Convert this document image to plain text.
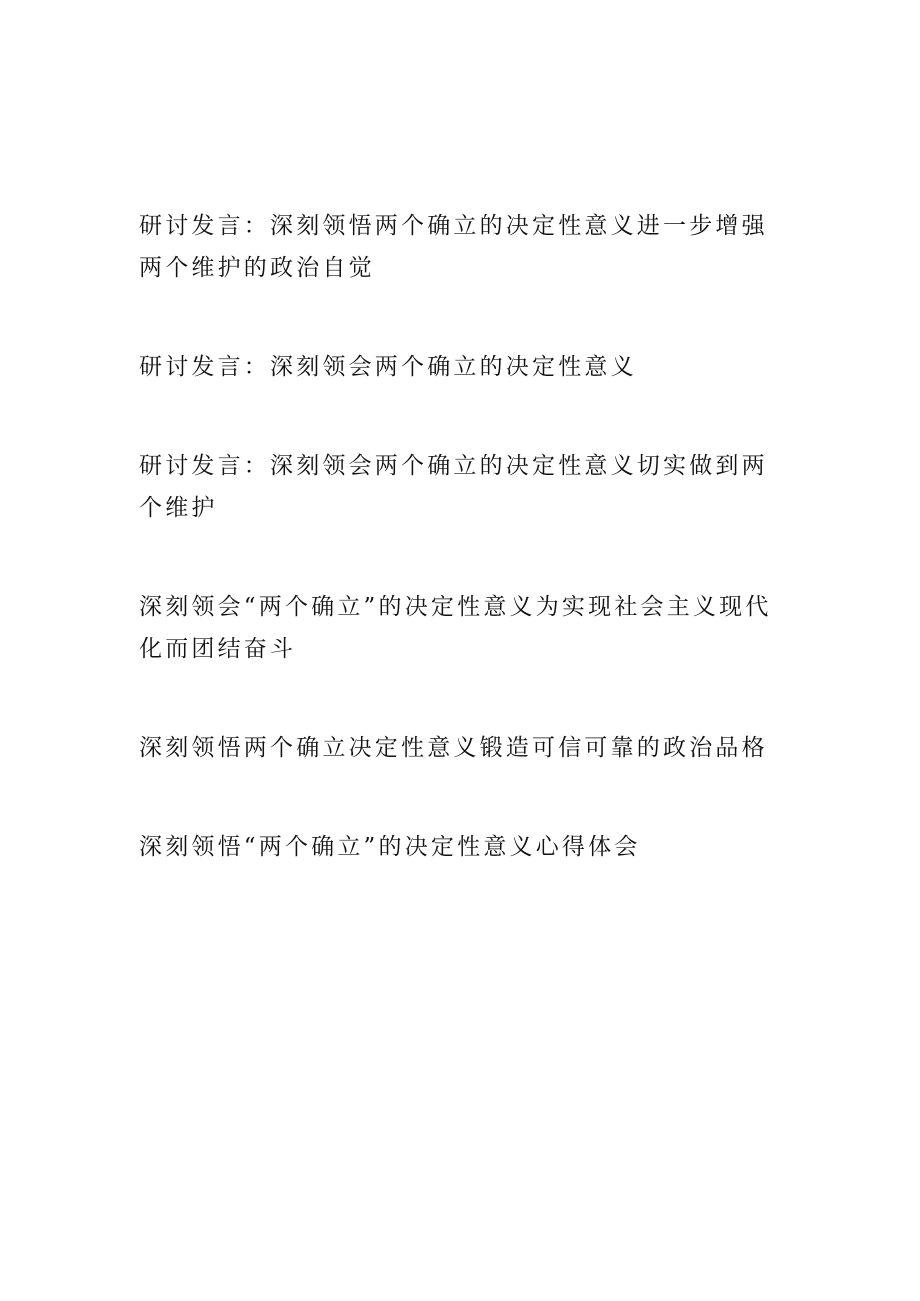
研讨发言：深刻领悟两个确立的决定性意义进一步增强两个维护的政治自觉
研讨发言：深刻领会两个确立的决定性意义
研讨发言：深刻领会两个确立的决定性意义切实做到两个维护
深刻领会“两个确立”的决定性意义为实现社会主义现代化而团结奋斗
深刻领悟两个确立决定性意义锻造可信可靠的政治品格
深刻领悟“两个确立”的决定性意义心得体会
